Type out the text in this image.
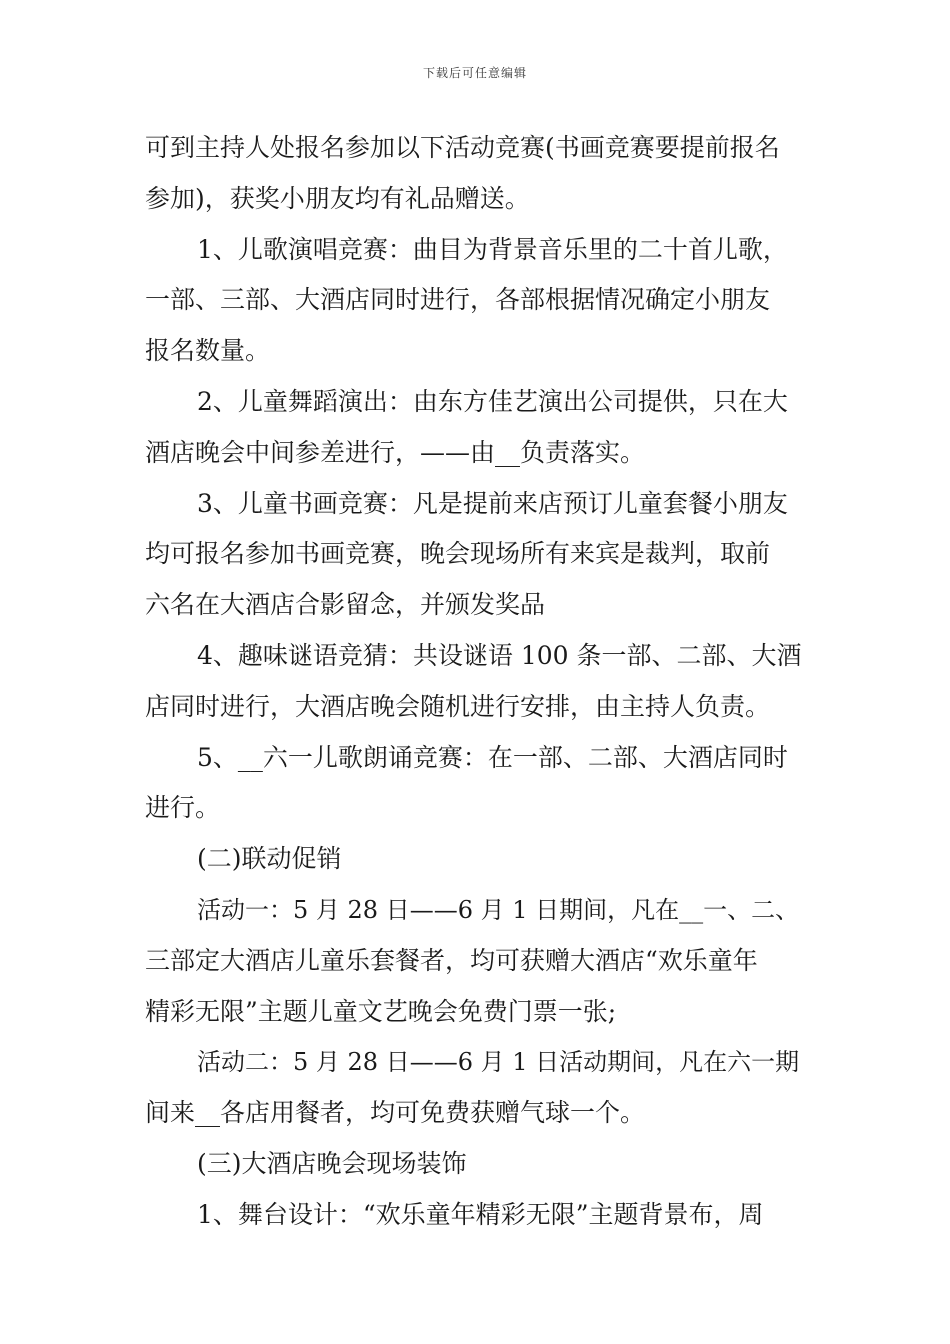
下载后可任意编辑
可到主持人处报名参加以下活动竞赛(书画竞赛要提前报名
参加)，获奖小朋友均有礼品赠送。
1、儿歌演唱竞赛：曲目为背景音乐里的二十首儿歌，
一部、三部、大酒店同时进行，各部根据情况确定小朋友
报名数量。
2、儿童舞蹈演出：由东方佳艺演出公司提供，只在大
酒店晚会中间参差进行，——由__负责落实。
3、儿童书画竞赛：凡是提前来店预订儿童套餐小朋友
均可报名参加书画竞赛，晚会现场所有来宾是裁判，取前
六名在大酒店合影留念，并颁发奖品
4、趣味谜语竞猜：共设谜语 100 条一部、二部、大酒
店同时进行，大酒店晚会随机进行安排，由主持人负责。
5、__六一儿歌朗诵竞赛：在一部、二部、大酒店同时
进行。
(二)联动促销
活动一：5 月 28 日——6 月 1 日期间，凡在__一、二、
三部定大酒店儿童乐套餐者，均可获赠大酒店“欢乐童年
精彩无限”主题儿童文艺晚会免费门票一张;
活动二：5 月 28 日——6 月 1 日活动期间，凡在六一期
间来__各店用餐者，均可免费获赠气球一个。
(三)大酒店晚会现场装饰
1、舞台设计：“欢乐童年精彩无限”主题背景布，周
